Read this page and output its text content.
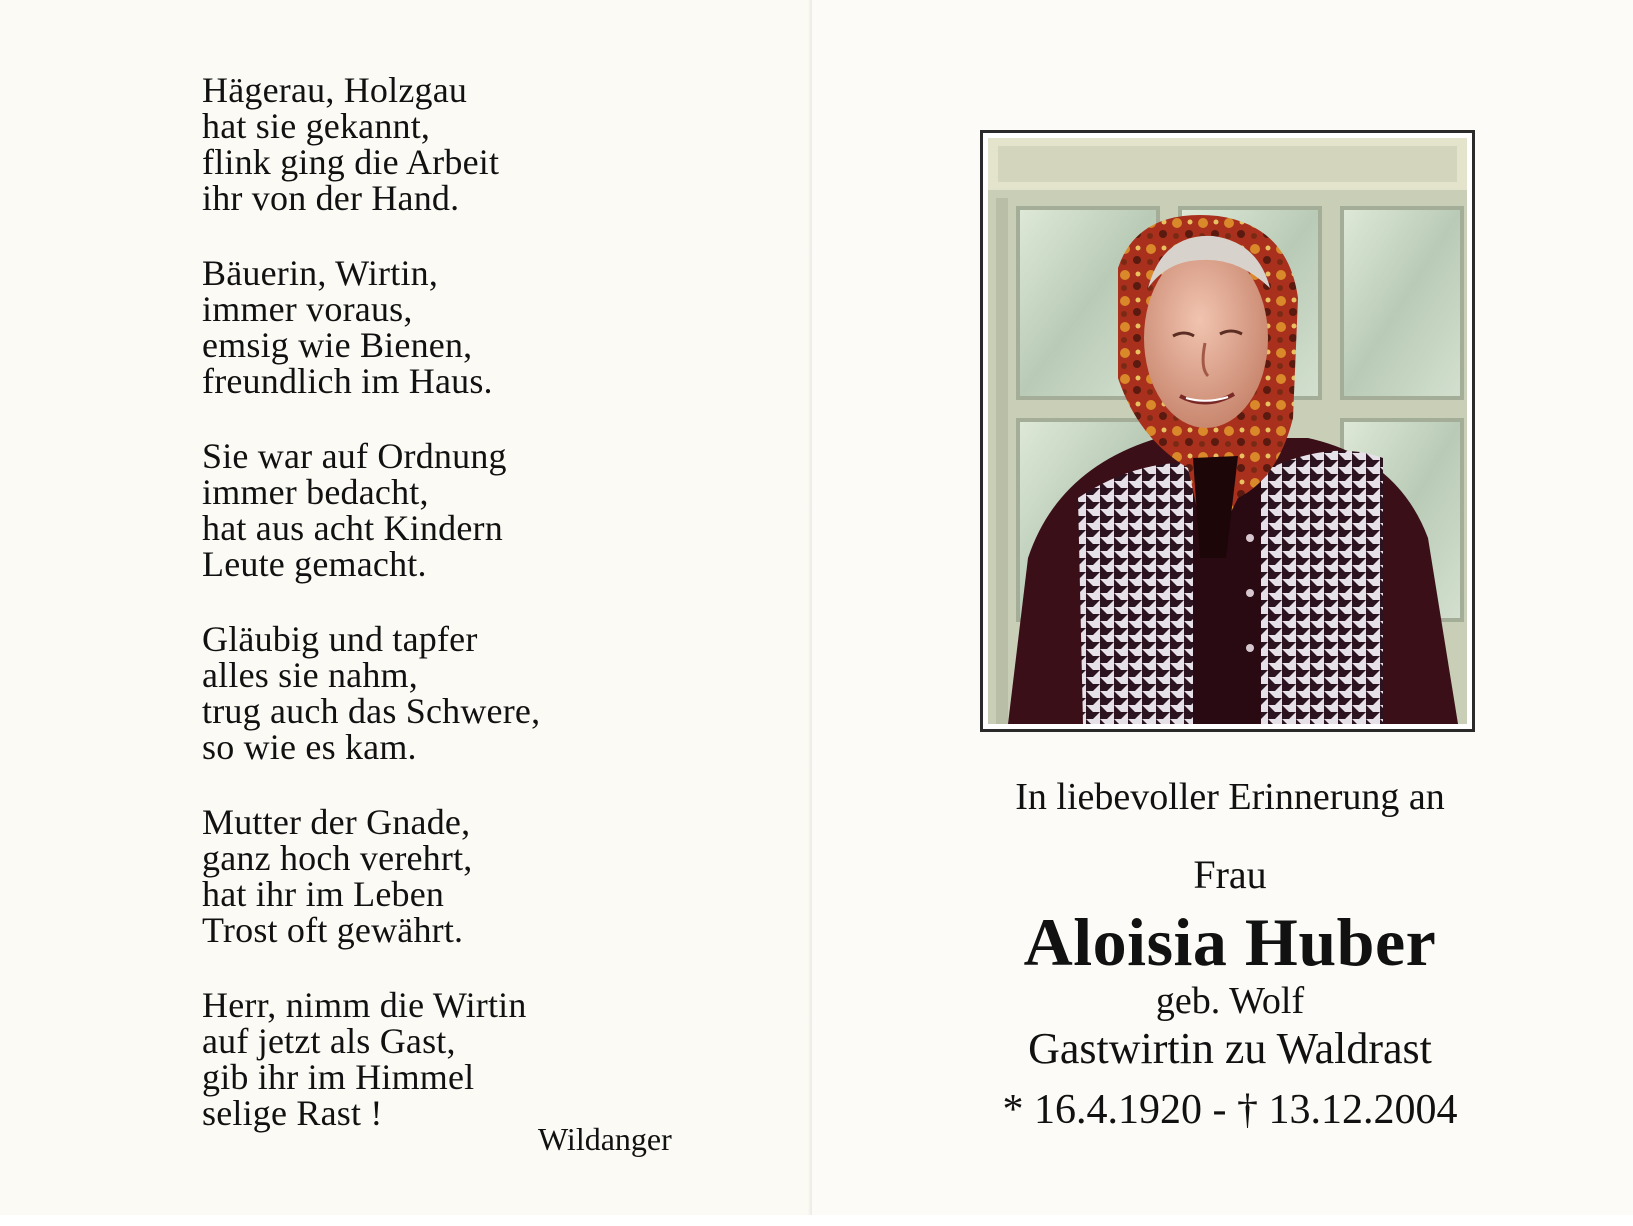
Hägerau, Holzgau
hat sie gekannt,
flink ging die Arbeit
ihr von der Hand.
Bäuerin, Wirtin,
immer voraus,
emsig wie Bienen,
freundlich im Haus.
Sie war auf Ordnung
immer bedacht,
hat aus acht Kindern
Leute gemacht.
Gläubig und tapfer
alles sie nahm,
trug auch das Schwere,
so wie es kam.
Mutter der Gnade,
ganz hoch verehrt,
hat ihr im Leben
Trost oft gewährt.
Herr, nimm die Wirtin
auf jetzt als Gast,
gib ihr im Himmel
selige Rast !
Wildanger
In liebevoller Erinnerung an
Frau
Aloisia Huber
geb. Wolf
Gastwirtin zu Waldrast
* 16.4.1920 - † 13.12.2004
